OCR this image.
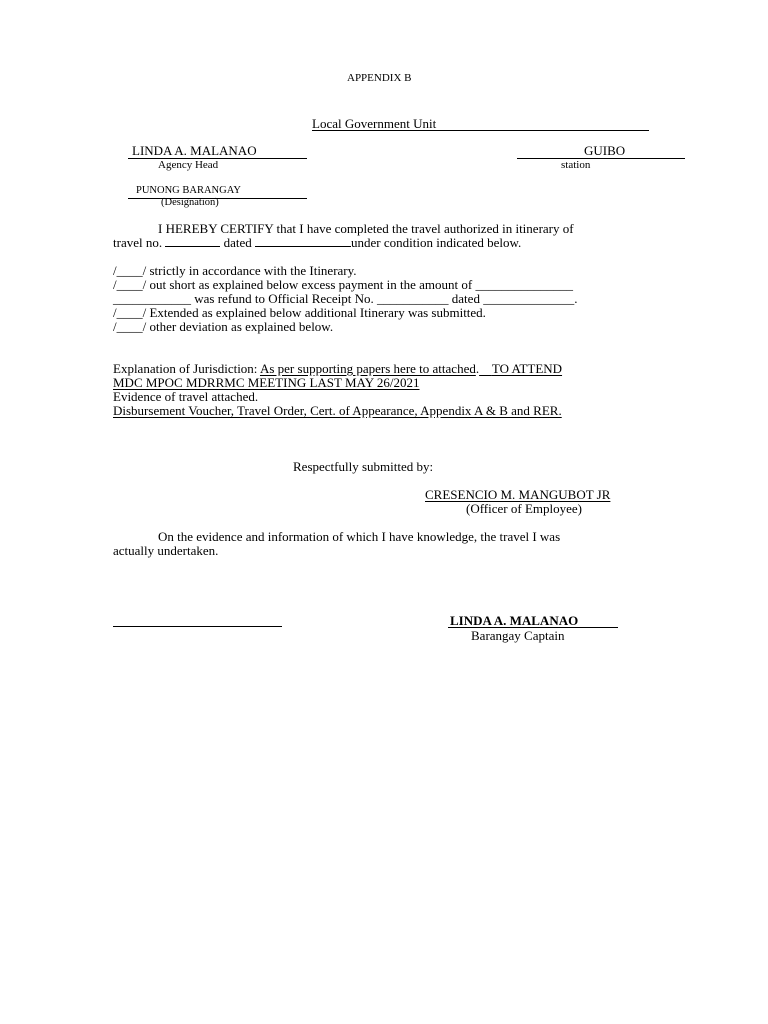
APPENDIX B
Local Government Unit
LINDA A. MALANAO
Agency Head
GUIBO
station
PUNONG BARANGAY
(Designation)
I HEREBY CERTIFY that I have completed the travel authorized in itinerary of
travel no.	dated	under condition indicated below.
/____/ strictly in accordance with the Itinerary.
/____/ out short as explained below excess payment in the amount of _______________
____________ was refund to Official Receipt No. ___________ dated ______________.
/____/ Extended as explained below additional Itinerary was submitted.
/____/ other deviation as explained below.
Explanation of Jurisdiction: As per supporting papers here to attached. TO ATTEND
MDC MPOC MDRRMC MEETING LAST MAY 26/2021
Evidence of travel attached.
Disbursement Voucher, Travel Order, Cert. of Appearance, Appendix A & B and RER.
Respectfully submitted by:
CRESENCIO M. MANGUBOT JR
(Officer of Employee)
On the evidence and information of which I have knowledge, the travel I was
actually undertaken.
LINDA A. MALANAO
Barangay Captain
